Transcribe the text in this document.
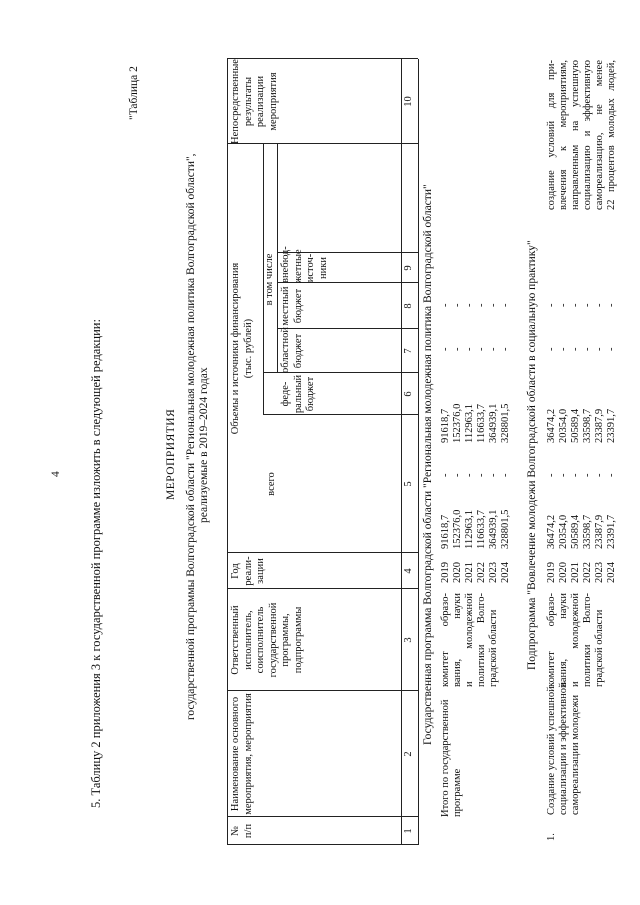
4 5. Таблицу 2 приложения 3 к государственной программе изложить в следующей редакции:
"Таблица 2
МЕРОПРИЯТИЯ государственной программы Волгоградской области "Региональная молодежная политика Волгоградской области", реализуемые в 2019–2024 годах
№ п/п
Наименование основного мероприятия, мероприятия
Ответственный исполнитель, соисполнитель государственной программы, подпрограммы
Год реали- зации
Объемы и источники финансирования (тыс. рублей)
всего
в том числе
феде- ральный бюджет
областной бюджет
местный бюджет
внебюд- жетные источ- ники
Непосредственные результаты реализации мероприятия
1
2
3
4
5
6
7
8
9
10
Государственная программа Волгоградской области "Региональная молодежная политика Волгоградской области"
Итого по государственной программе
комитет образо- вания, науки и молодежной политики Волго- градской области
2019 2020 2021 2022 2023 2024
91618,7 152376,0 112963,1 116633,7 364939,1 328801,5
- - - - - -
91618,7 152376,0 112963,1 116633,7 364939,1 328801,5
- - - - - -
- - - - - - Подпрограмма "Вовлечение молодежи Волгоградской области в социальную практику"
1.
Создание условий успешной социализации и эффективной самореализации молодежи
комитет образо- вания, науки и молодежной политики Волго- градской области
2019 2020 2021 2022 2023 2024
36474,2 20354,0 50589,4 33598,7 23387,9 23391,7
- - - - - -
36474,2 20354,0 50589,4 33598,7 23387,9 23391,7
- - - - - -
- - - - - -
создание условий для при- влечения к мероприятиям, направленным на успешную социализацию и эффективную самореализацию, не менее 22 процентов молодых людей,
